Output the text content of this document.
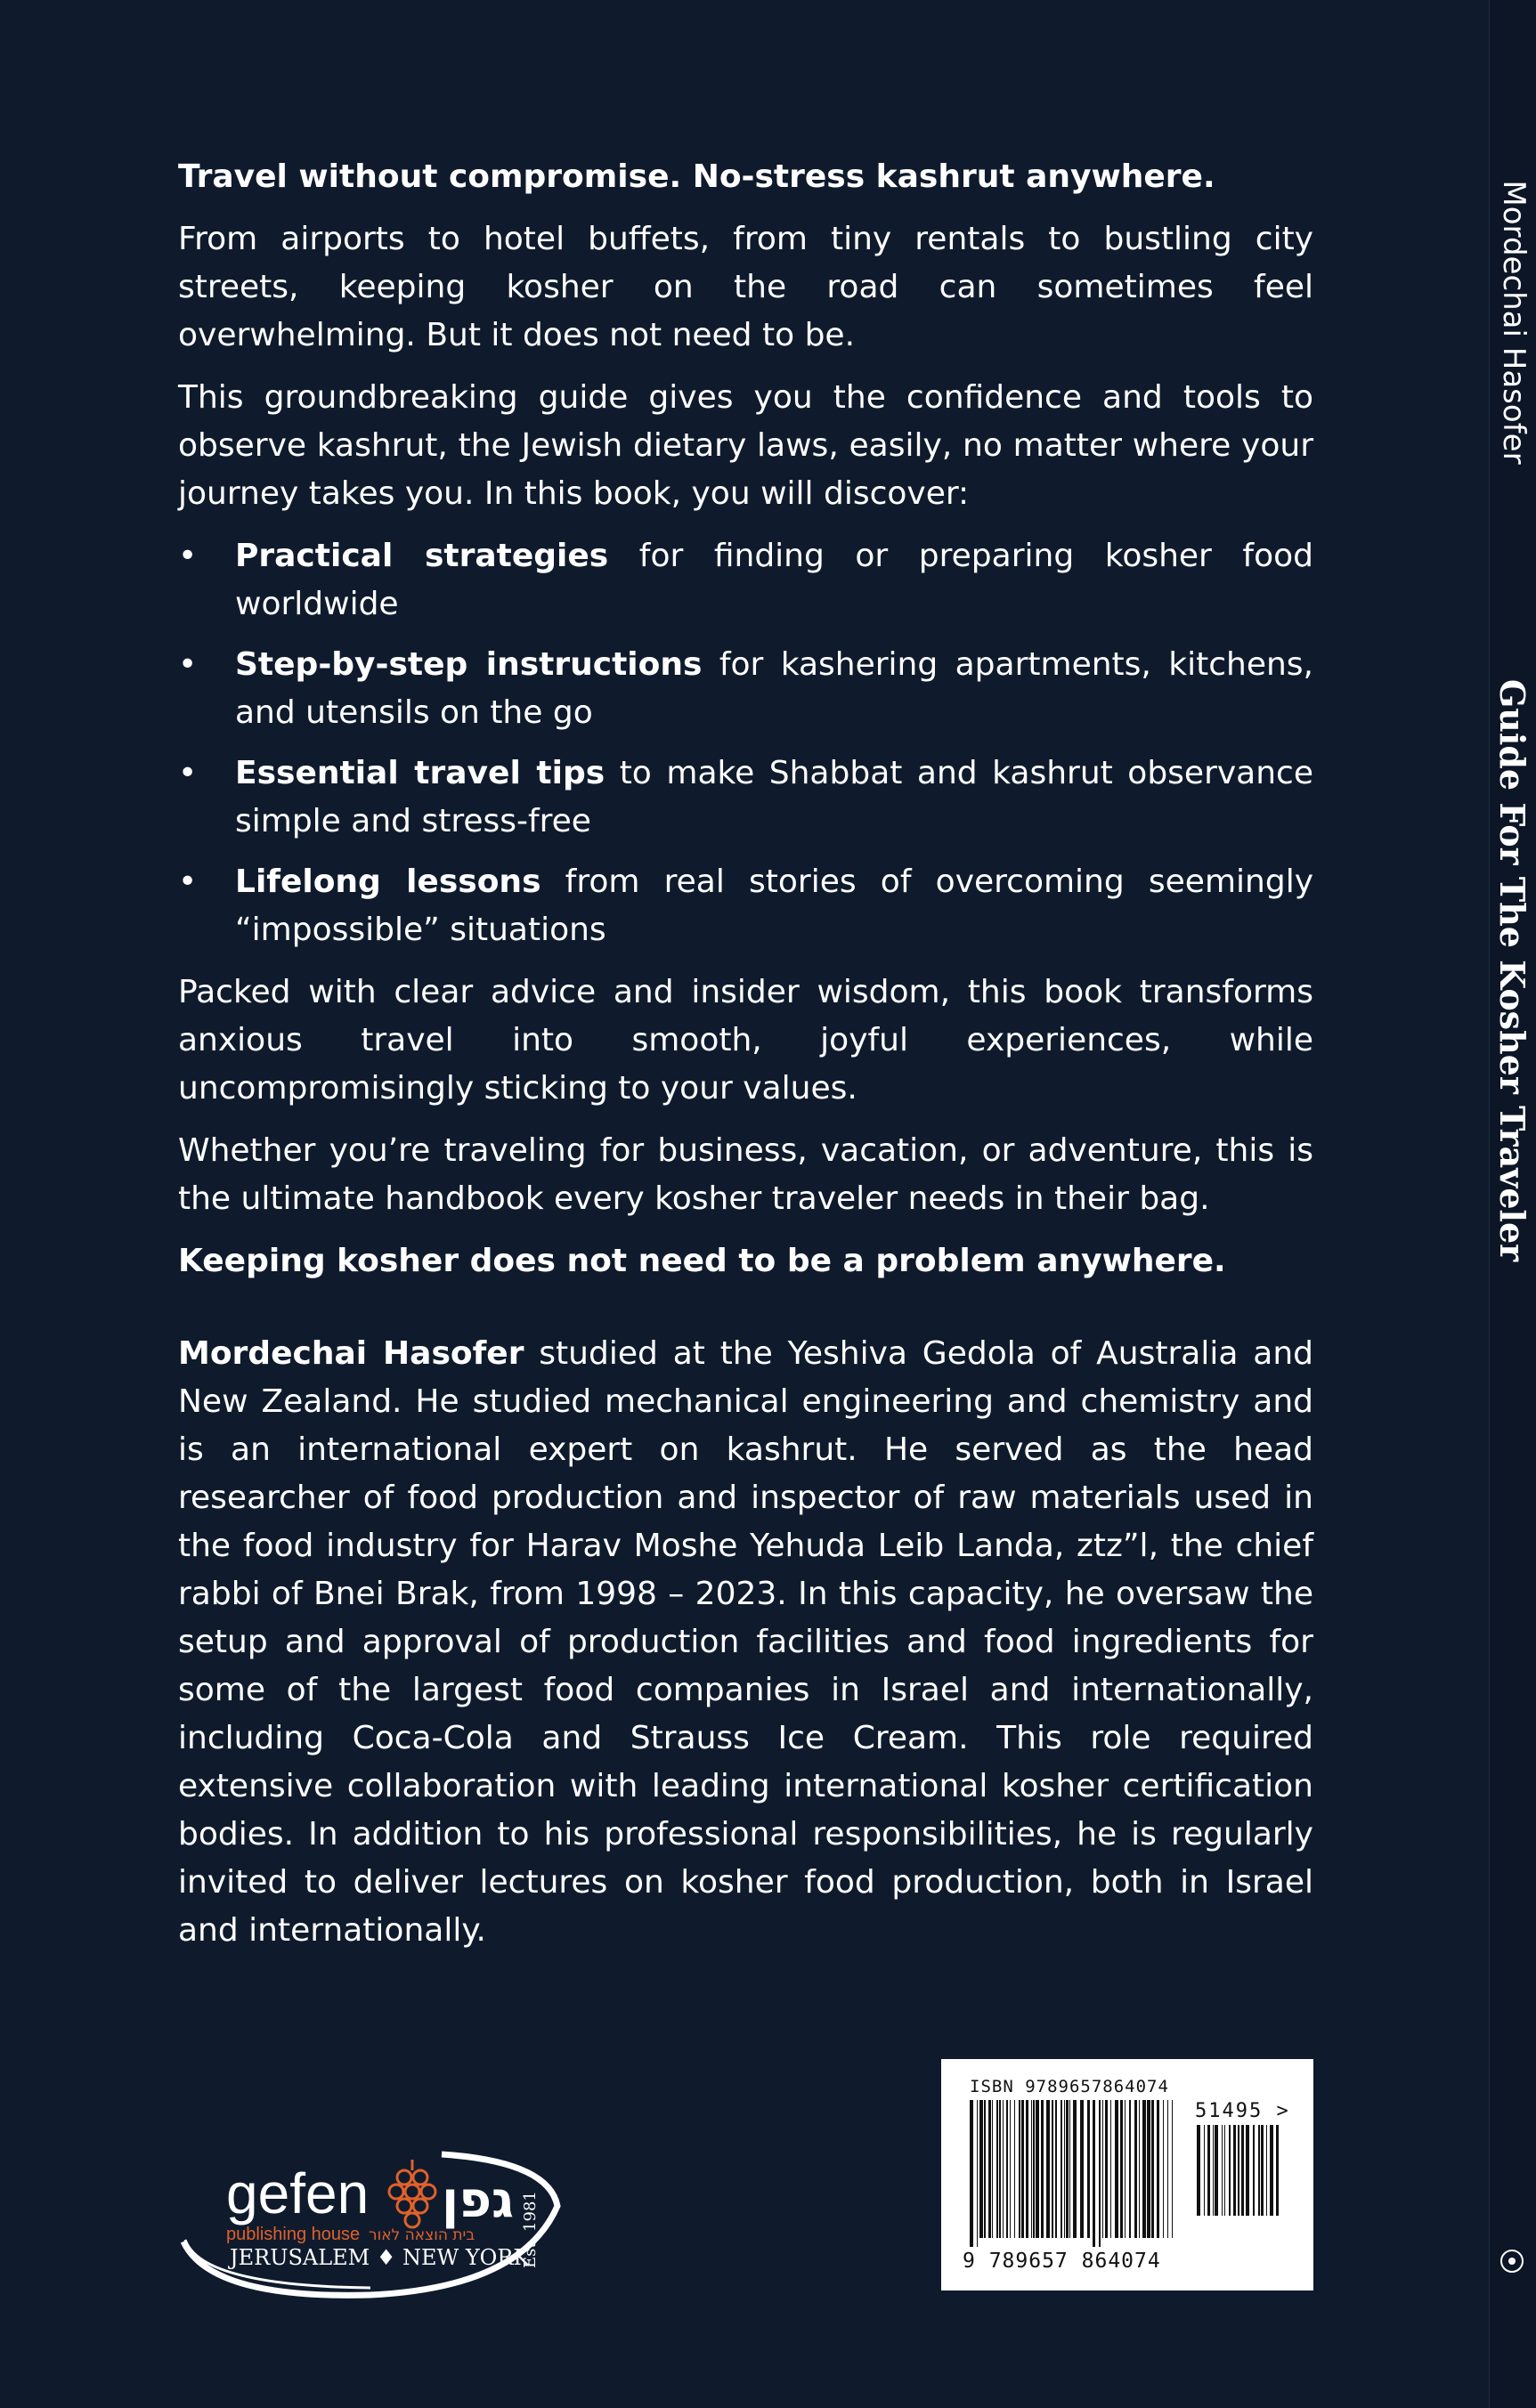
Travel without compromise. No-stress kashrut anywhere.

From airports to hotel buffets, from tiny rentals to bustling city streets, keeping kosher on the road can sometimes feel overwhelming. But it does not need to be.

This groundbreaking guide gives you the confidence and tools to observe kashrut, the Jewish dietary laws, easily, no matter where your journey takes you. In this book, you will discover:

• Practical strategies for finding or preparing kosher food worldwide
• Step-by-step instructions for kashering apartments, kitchens, and utensils on the go
• Essential travel tips to make Shabbat and kashrut observance simple and stress-free
• Lifelong lessons from real stories of overcoming seemingly “impossible” situations

Packed with clear advice and insider wisdom, this book transforms anxious travel into smooth, joyful experiences, while uncompromisingly sticking to your values.

Whether you’re traveling for business, vacation, or adventure, this is the ultimate handbook every kosher traveler needs in their bag.

Keeping kosher does not need to be a problem anywhere.

Mordechai Hasofer studied at the Yeshiva Gedola of Australia and New Zealand. He studied mechanical engineering and chemistry and is an international expert on kashrut. He served as the head researcher of food production and inspector of raw materials used in the food industry for Harav Moshe Yehuda Leib Landa, ztz”l, the chief rabbi of Bnei Brak, from 1998 – 2023. In this capacity, he oversaw the setup and approval of production facilities and food ingredients for some of the largest food companies in Israel and internationally, including Coca-Cola and Strauss Ice Cream. This role required extensive collaboration with leading international kosher certification bodies. In addition to his professional responsibilities, he is regularly invited to deliver lectures on kosher food production, both in Israel and internationally.

Mordechai Hasofer
Guide For The Kosher Traveler
ISBN 9789657864074
51495 >
9 789657 864074
gefen גפן
publishing house בית הוצאה לאור
JERUSALEM ♦ NEW YORK
Est. 1981
